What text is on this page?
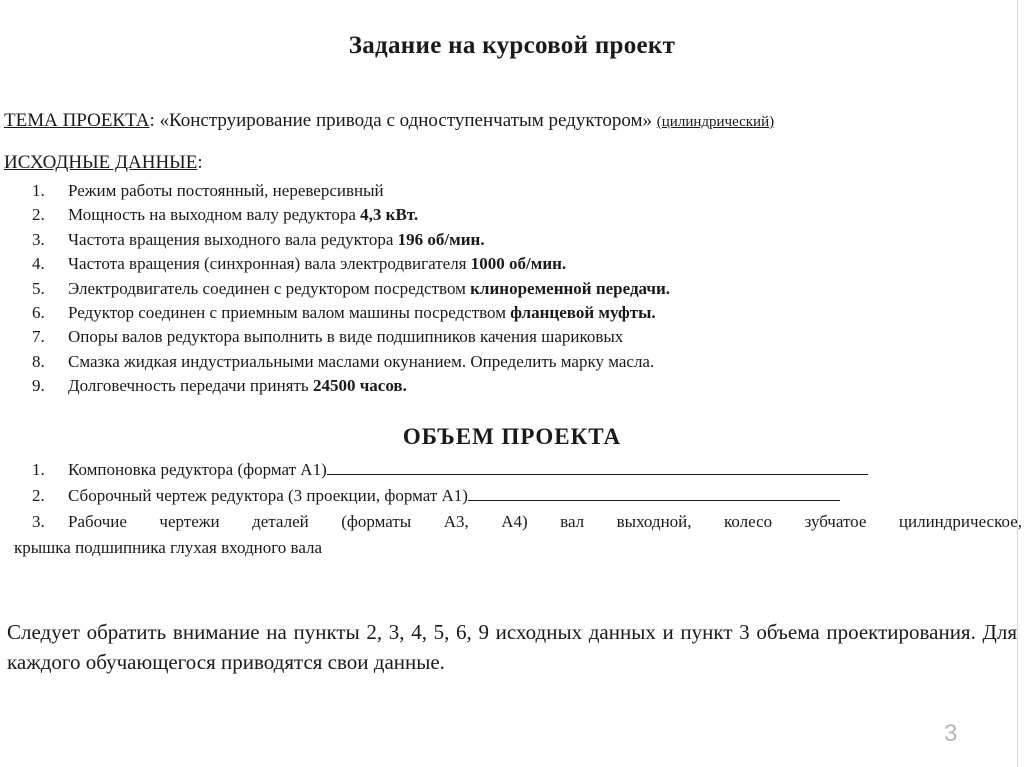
Задание на курсовой проект
ТЕМА ПРОЕКТА: «Конструирование привода с одноступенчатым редуктором» (цилиндрический)
ИСХОДНЫЕ ДАННЫЕ:
1. Режим работы постоянный, нереверсивный
2. Мощность на выходном валу редуктора 4,3 кВт.
3. Частота вращения выходного вала редуктора 196 об/мин.
4. Частота вращения (синхронная) вала электродвигателя 1000 об/мин.
5. Электродвигатель соединен с редуктором посредством клиноременной передачи.
6. Редуктор соединен с приемным валом машины посредством фланцевой муфты.
7. Опоры валов редуктора выполнить в виде подшипников качения шариковых
8. Смазка жидкая индустриальными маслами окунанием. Определить марку масла.
9. Долговечность передачи принять 24500 часов.
ОБЪЕМ ПРОЕКТА
1. Компоновка редуктора (формат А1)
2. Сборочный чертеж редуктора (3 проекции, формат А1)
3.	Рабочие чертежи деталей (форматы А3, А4) вал выходной, колесо зубчатое цилиндрическое,
крышка подшипника глухая входного вала
Следует обратить внимание на пункты 2, 3, 4, 5, 6, 9 исходных данных и пункт 3 объема проектирования. Для каждого обучающегося приводятся свои данные.
3
